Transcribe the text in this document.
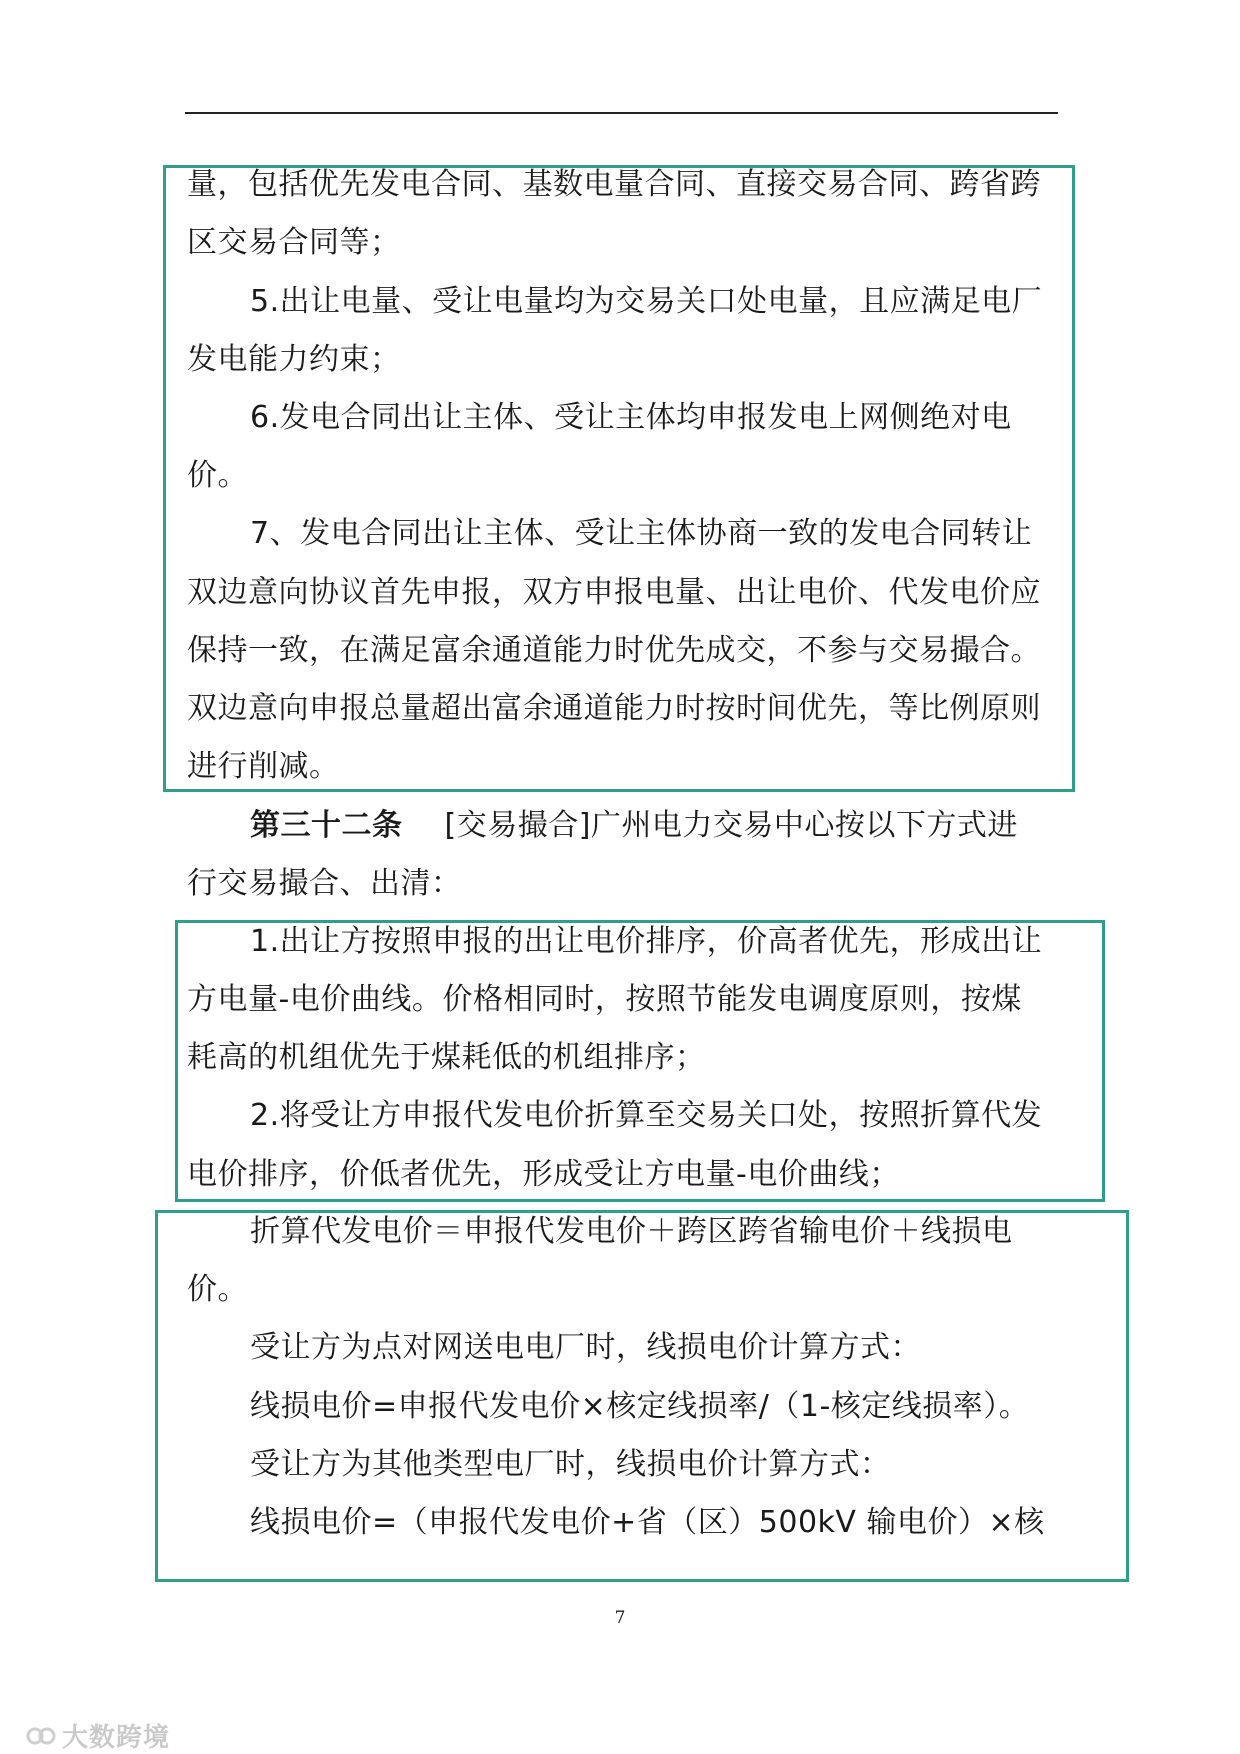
量，包括优先发电合同、基数电量合同、直接交易合同、跨省跨
区交易合同等；
5.出让电量、受让电量均为交易关口处电量，且应满足电厂
发电能力约束；
6.发电合同出让主体、受让主体均申报发电上网侧绝对电
价。
7、发电合同出让主体、受让主体协商一致的发电合同转让
双边意向协议首先申报，双方申报电量、出让电价、代发电价应
保持一致，在满足富余通道能力时优先成交，不参与交易撮合。
双边意向申报总量超出富余通道能力时按时间优先，等比例原则
进行削减。
第三十二条 [交易撮合]广州电力交易中心按以下方式进
行交易撮合、出清：
1.出让方按照申报的出让电价排序，价高者优先，形成出让
方电量-电价曲线。价格相同时，按照节能发电调度原则，按煤
耗高的机组优先于煤耗低的机组排序；
2.将受让方申报代发电价折算至交易关口处，按照折算代发
电价排序，价低者优先，形成受让方电量-电价曲线；
折算代发电价＝申报代发电价＋跨区跨省输电价＋线损电
价。
受让方为点对网送电电厂时，线损电价计算方式：
线损电价=申报代发电价×核定线损率/（1-核定线损率）。
受让方为其他类型电厂时，线损电价计算方式：
线损电价=（申报代发电价+省（区）500kV 输电价）×核
7
大数跨境
